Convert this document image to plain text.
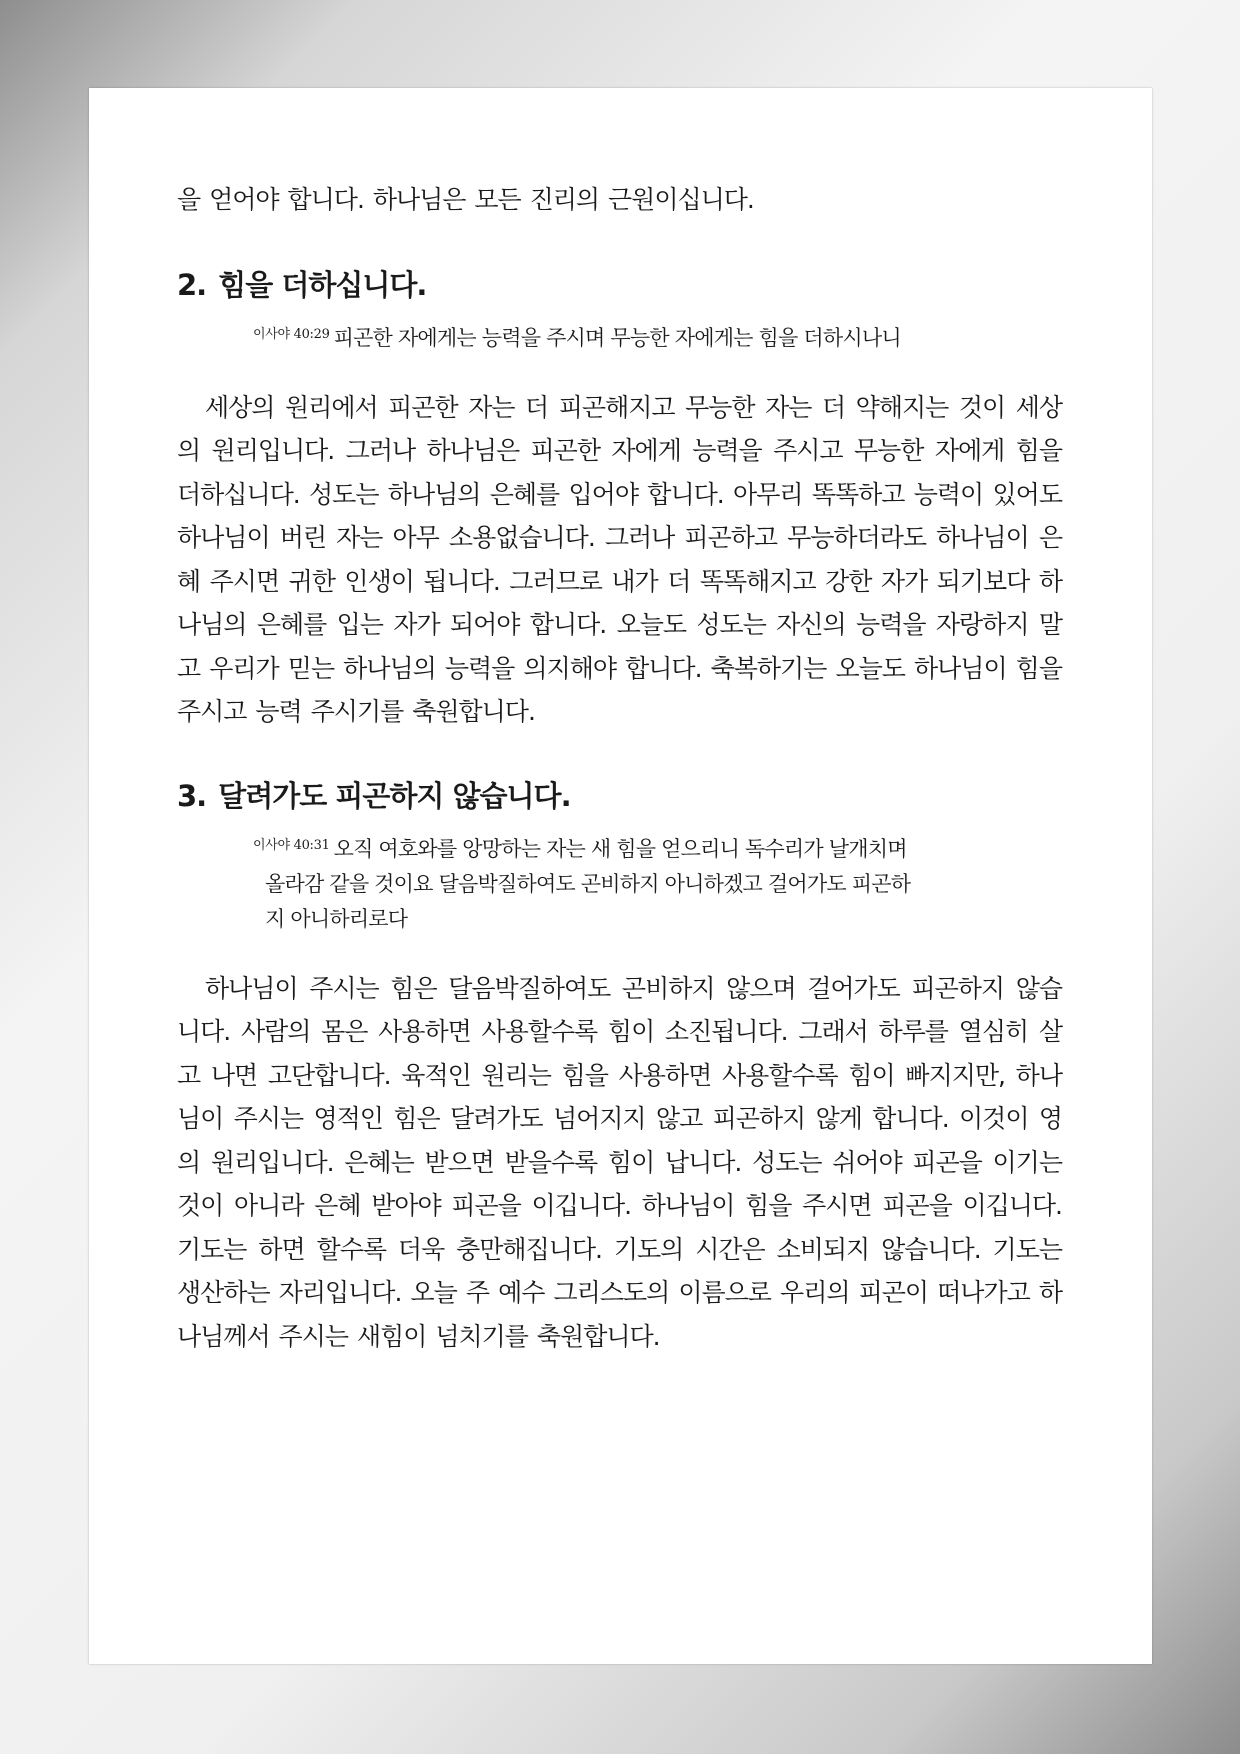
을 얻어야 합니다. 하나님은 모든 진리의 근원이십니다.

2. 힘을 더하십니다.

$^{이사야 40:29}$ 피곤한 자에게는 능력을 주시며 무능한 자에게는 힘을 더하시나니

세상의 원리에서 피곤한 자는 더 피곤해지고 무능한 자는 더 약해지는 것이 세상의 원리입니다. 그러나 하나님은 피곤한 자에게 능력을 주시고 무능한 자에게 힘을 더하십니다. 성도는 하나님의 은혜를 입어야 합니다. 아무리 똑똑하고 능력이 있어도 하나님이 버린 자는 아무 소용없습니다. 그러나 피곤하고 무능하더라도 하나님이 은혜 주시면 귀한 인생이 됩니다. 그러므로 내가 더 똑똑해지고 강한 자가 되기보다 하나님의 은혜를 입는 자가 되어야 합니다. 오늘도 성도는 자신의 능력을 자랑하지 말고 우리가 믿는 하나님의 능력을 의지해야 합니다. 축복하기는 오늘도 하나님이 힘을 주시고 능력 주시기를 축원합니다.

3. 달려가도 피곤하지 않습니다.

$^{이사야 40:31}$ 오직 여호와를 앙망하는 자는 새 힘을 얻으리니 독수리가 날개치며

올라감 같을 것이요 달음박질하여도 곤비하지 아니하겠고 걸어가도 피곤하

지 아니하리로다

하나님이 주시는 힘은 달음박질하여도 곤비하지 않으며 걸어가도 피곤하지 않습니다. 사람의 몸은 사용하면 사용할수록 힘이 소진됩니다. 그래서 하루를 열심히 살고 나면 고단합니다. 육적인 원리는 힘을 사용하면 사용할수록 힘이 빠지지만, 하나님이 주시는 영적인 힘은 달려가도 넘어지지 않고 피곤하지 않게 합니다. 이것이 영의 원리입니다. 은혜는 받으면 받을수록 힘이 납니다. 성도는 쉬어야 피곤을 이기는 것이 아니라 은혜 받아야 피곤을 이깁니다. 하나님이 힘을 주시면 피곤을 이깁니다. 기도는 하면 할수록 더욱 충만해집니다. 기도의 시간은 소비되지 않습니다. 기도는 생산하는 자리입니다. 오늘 주 예수 그리스도의 이름으로 우리의 피곤이 떠나가고 하나님께서 주시는 새힘이 넘치기를 축원합니다.
